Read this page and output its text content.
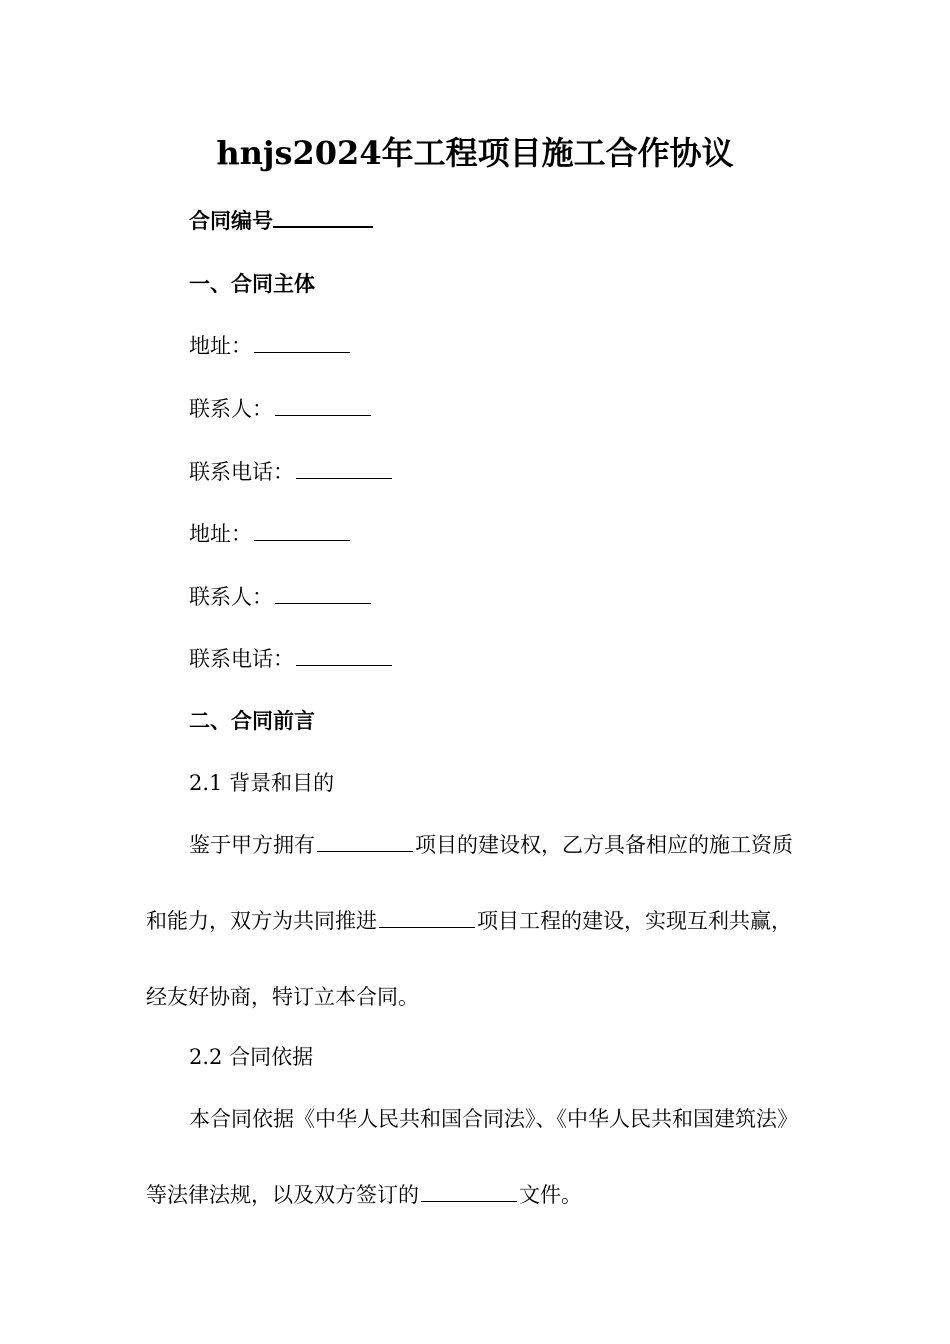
hnjs2024年工程项目施工合作协议
合同编号
一、合同主体
地址：
联系人：
联系电话：
地址：
联系人：
联系电话：
二、合同前言
2.1 背景和目的
鉴于甲方拥有	项目的建设权，乙方具备相应的施工资质和能力，双方为共同推进	项目工程的建设，实现互利共赢，经友好协商，特订立本合同。
2.2 合同依据
本合同依据《中华人民共和国合同法》、《中华人民共和国建筑法》等法律法规，以及双方签订的	文件。
